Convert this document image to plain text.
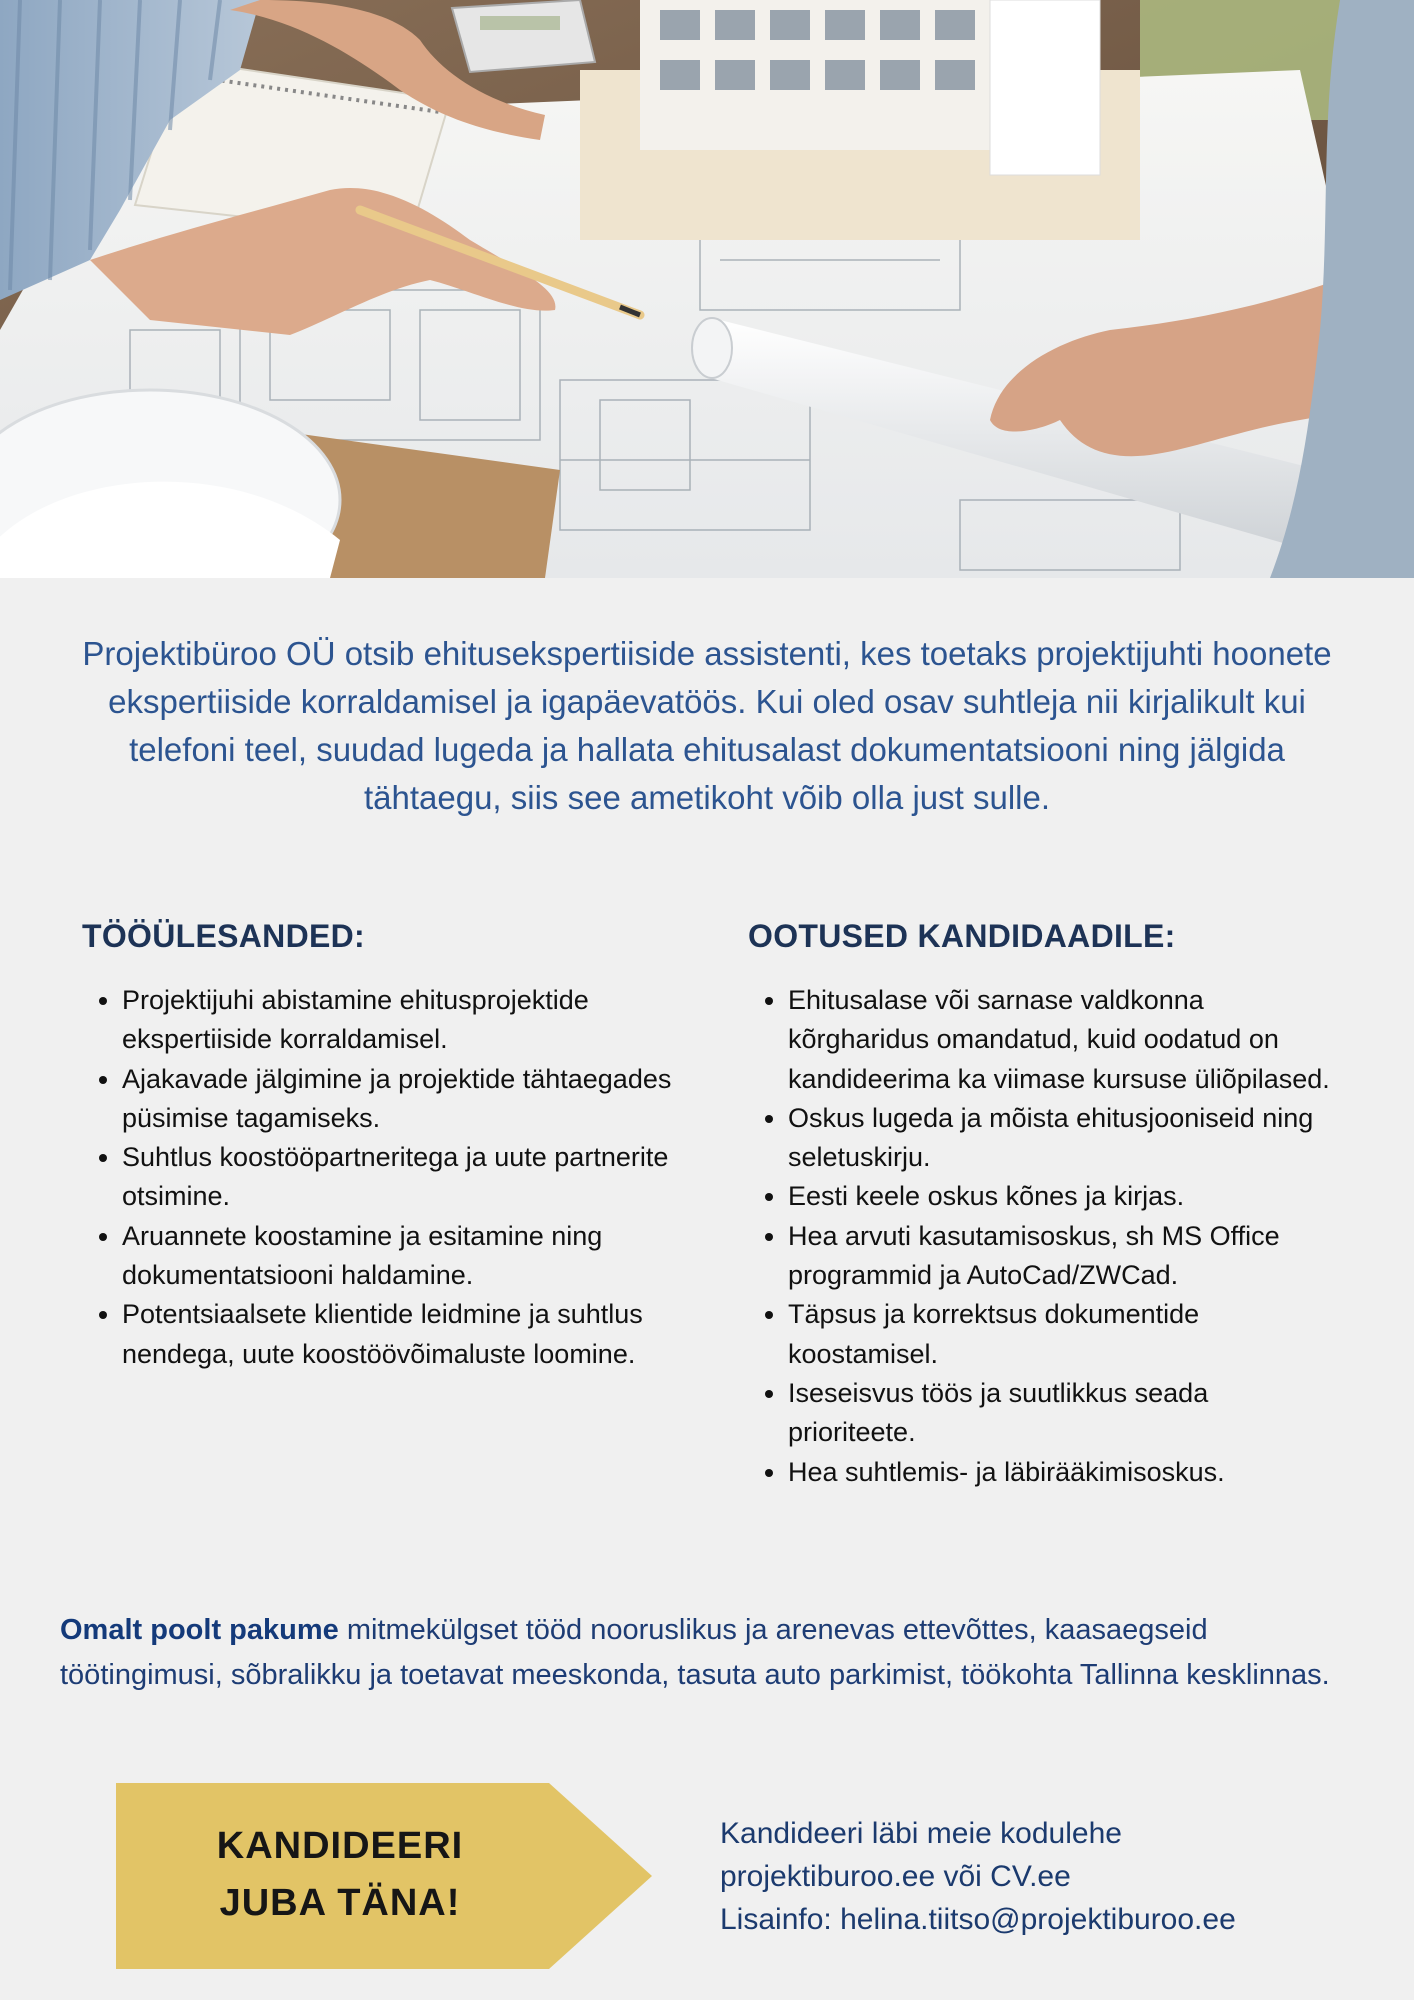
Projektibüroo OÜ otsib ehitusekspertiiside assistenti, kes toetaks projektijuhti hoonete ekspertiiside korraldamisel ja igapäevatöös. Kui oled osav suhtleja nii kirjalikult kui telefoni teel, suudad lugeda ja hallata ehitusalast dokumentatsiooni ning jälgida tähtaegu, siis see ametikoht võib olla just sulle.

TÖÖÜLESANDED:
• Projektijuhi abistamine ehitusprojektide ekspertiiside korraldamisel.
• Ajakavade jälgimine ja projektide tähtaegades püsimise tagamiseks.
• Suhtlus koostööpartneritega ja uute partnerite otsimine.
• Aruannete koostamine ja esitamine ning dokumentatsiooni haldamine.
• Potentsiaalsete klientide leidmine ja suhtlus nendega, uute koostöövõimaluste loomine.
OOTUSED KANDIDAADILE:
• Ehitusalase või sarnase valdkonna kõrgharidus omandatud, kuid oodatud on kandideerima ka viimase kursuse üliõpilased.
• Oskus lugeda ja mõista ehitusjooniseid ning seletuskirju.
• Eesti keele oskus kõnes ja kirjas.
• Hea arvuti kasutamisoskus, sh MS Office programmid ja AutoCad/ZWCad.
• Täpsus ja korrektsus dokumentide koostamisel.
• Iseseisvus töös ja suutlikkus seada prioriteete.
• Hea suhtlemis- ja läbirääkimisoskus.

Omalt poolt pakume mitmekülgset tööd nooruslikus ja arenevas ettevõttes, kaasaegseid töötingimusi, sõbralikku ja toetavat meeskonda, tasuta auto parkimist, töökohta Tallinna kesklinnas.

KANDIDEERI
JUBA TÄNA!
Kandideeri läbi meie kodulehe
projektiburoo.ee või CV.ee
Lisainfo: helina.tiitso@projektiburoo.ee
